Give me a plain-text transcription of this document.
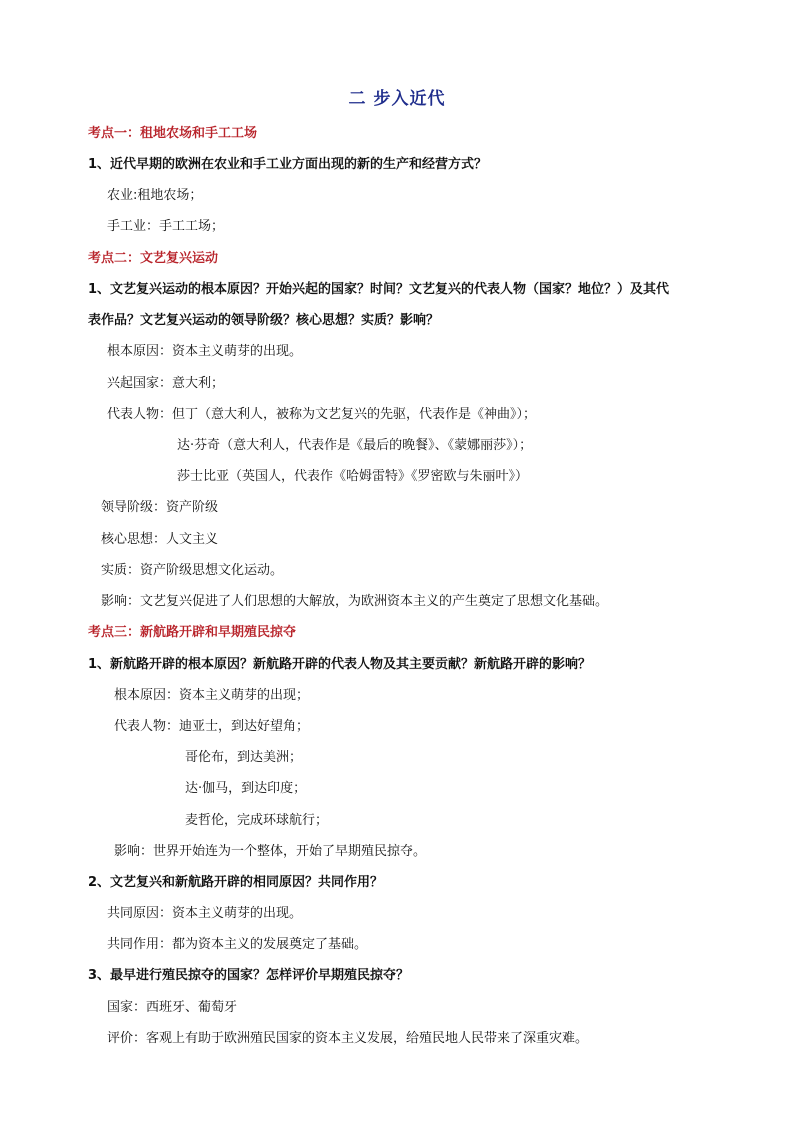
二 步入近代
考点一：租地农场和手工工场
1、近代早期的欧洲在农业和手工业方面出现的新的生产和经营方式？
农业:租地农场；
手工业：手工工场；
考点二：文艺复兴运动
1、文艺复兴运动的根本原因？开始兴起的国家？时间？文艺复兴的代表人物（国家？地位？）及其代
表作品？文艺复兴运动的领导阶级？核心思想？实质？影响？
根本原因：资本主义萌芽的出现。
兴起国家：意大利；
代表人物：但丁（意大利人，被称为文艺复兴的先驱，代表作是《神曲》）；
达·芬奇（意大利人，代表作是《最后的晚餐》、《蒙娜丽莎》）；
莎士比亚（英国人，代表作《哈姆雷特》《罗密欧与朱丽叶》）
领导阶级：资产阶级
核心思想：人文主义
实质：资产阶级思想文化运动。
影响：文艺复兴促进了人们思想的大解放，为欧洲资本主义的产生奠定了思想文化基础。
考点三：新航路开辟和早期殖民掠夺
1、新航路开辟的根本原因？新航路开辟的代表人物及其主要贡献？新航路开辟的影响？
根本原因：资本主义萌芽的出现；
代表人物：迪亚士，到达好望角；
哥伦布，到达美洲；
达·伽马，到达印度；
麦哲伦，完成环球航行；
影响：世界开始连为一个整体，开始了早期殖民掠夺。
2、文艺复兴和新航路开辟的相同原因？共同作用？
共同原因：资本主义萌芽的出现。
共同作用：都为资本主义的发展奠定了基础。
3、最早进行殖民掠夺的国家？怎样评价早期殖民掠夺？
国家：西班牙、葡萄牙
评价：客观上有助于欧洲殖民国家的资本主义发展，给殖民地人民带来了深重灾难。
